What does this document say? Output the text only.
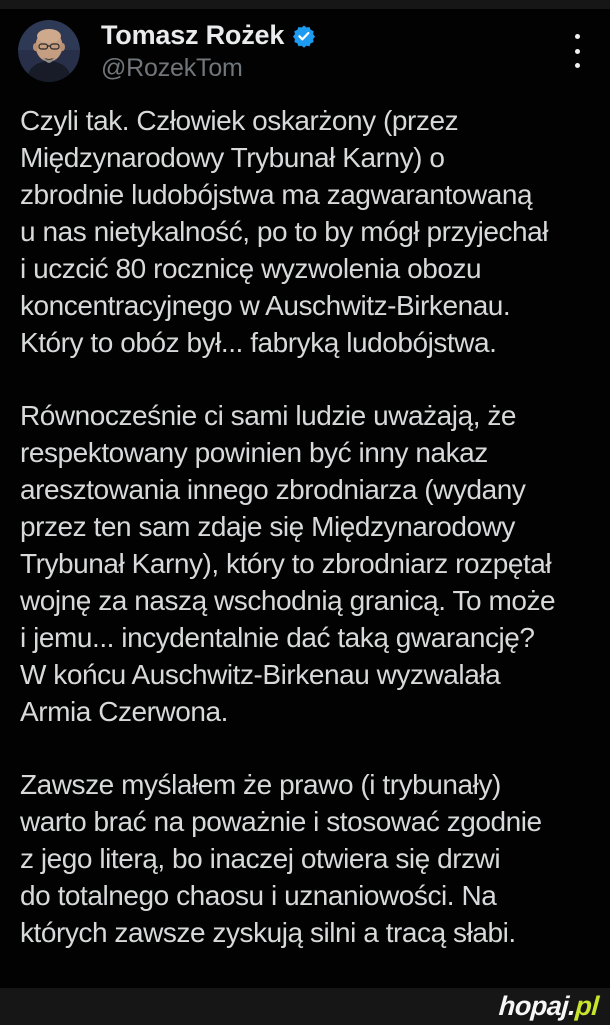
Tomasz Rożek
@RozekTom
Czyli tak. Człowiek oskarżony (przez
Międzynarodowy Trybunał Karny) o
zbrodnie ludobójstwa ma zagwarantowaną
u nas nietykalność, po to by mógł przyjechał
i uczcić 80 rocznicę wyzwolenia obozu
koncentracyjnego w Auschwitz-Birkenau.
Który to obóz był... fabryką ludobójstwa.
Równocześnie ci sami ludzie uważają, że
respektowany powinien być inny nakaz
aresztowania innego zbrodniarza (wydany
przez ten sam zdaje się Międzynarodowy
Trybunał Karny), który to zbrodniarz rozpętał
wojnę za naszą wschodnią granicą. To może
i jemu... incydentalnie dać taką gwarancję?
W końcu Auschwitz-Birkenau wyzwalała
Armia Czerwona.
Zawsze myślałem że prawo (i trybunały)
warto brać na poważnie i stosować zgodnie
z jego literą, bo inaczej otwiera się drzwi
do totalnego chaosu i uznaniowości. Na
których zawsze zyskują silni a tracą słabi.
hopaj.pl
